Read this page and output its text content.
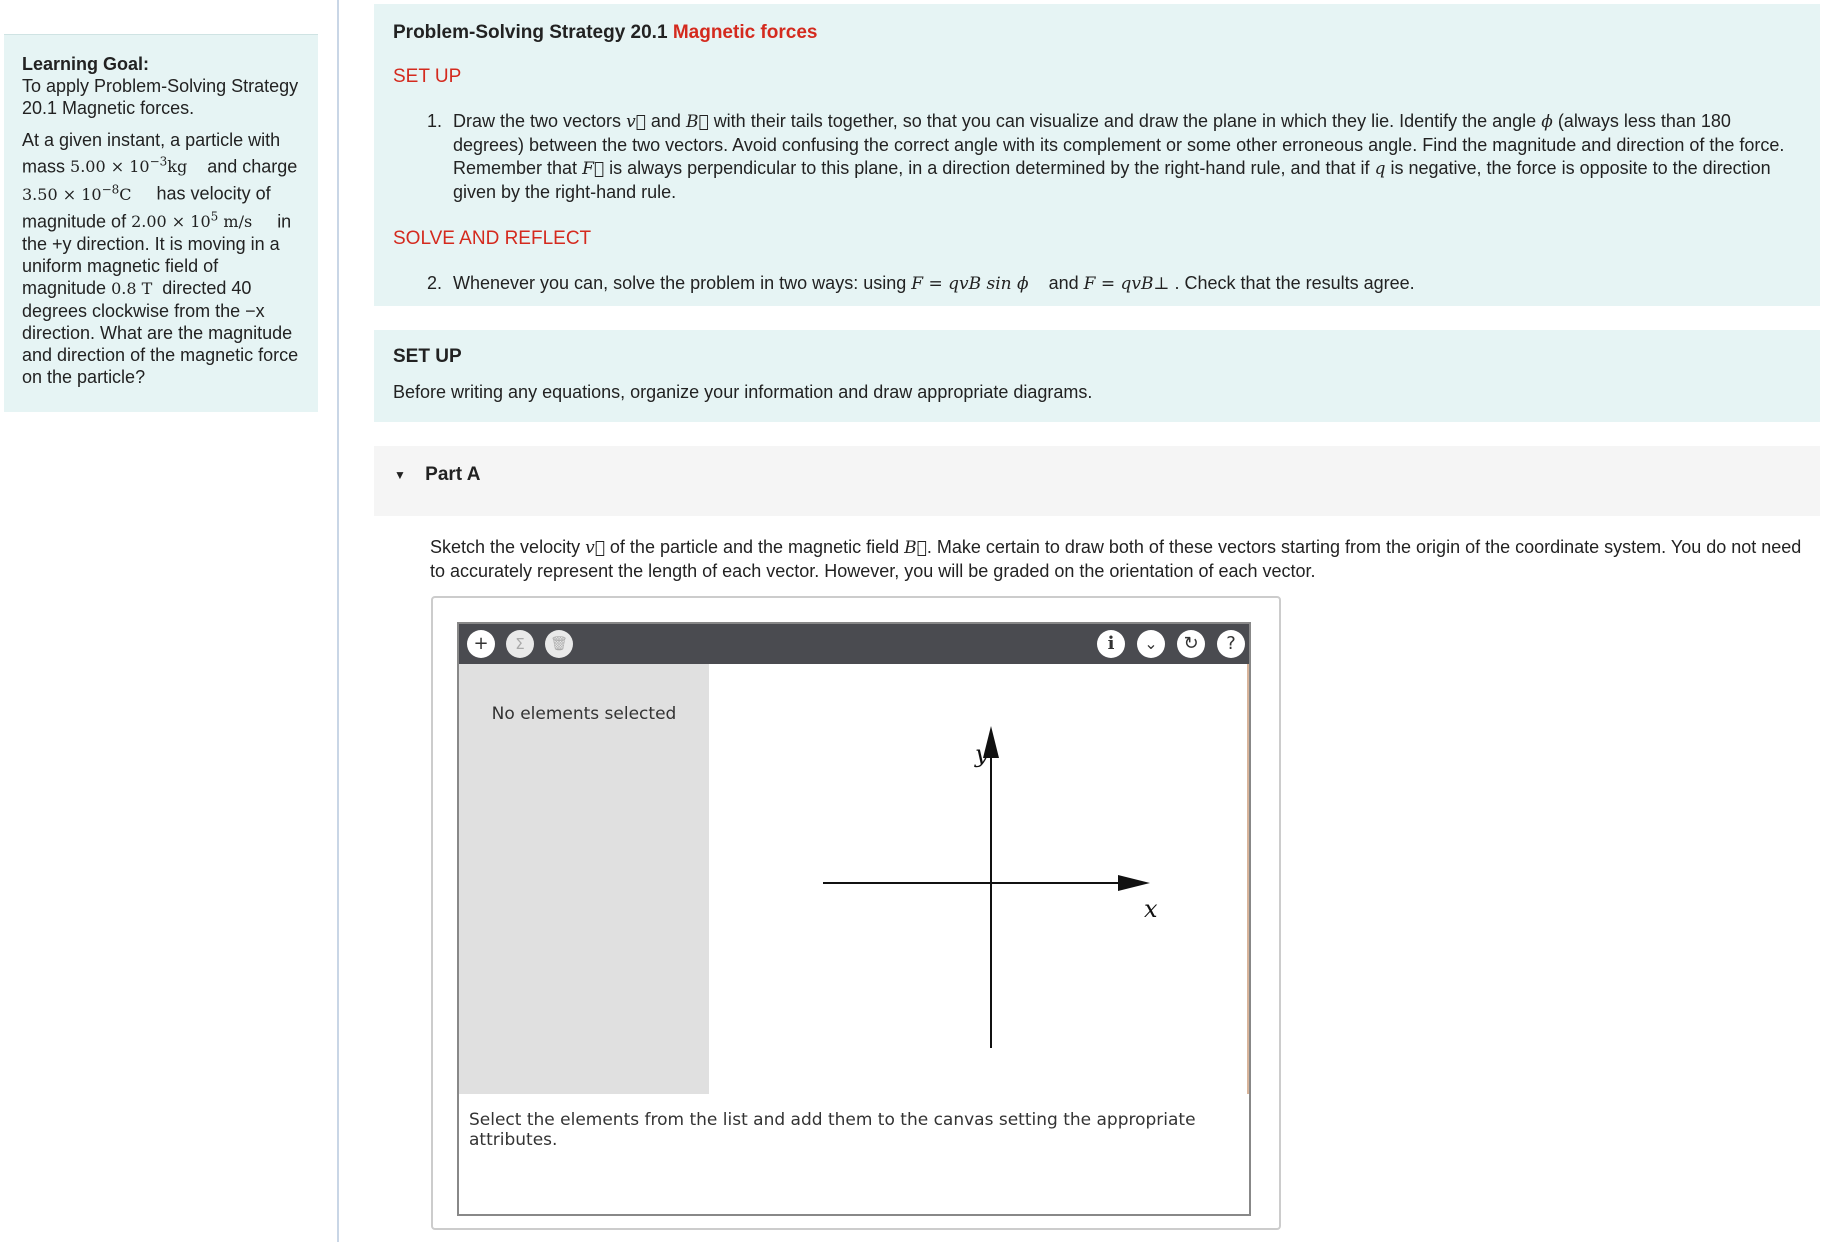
Learning Goal:
To apply Problem-Solving Strategy 20.1 Magnetic forces.

At a given instant, a particle with
mass $5.00 \times 10^{-3}kg$ and charge
$3.50 \times 10^{-8}C$ has velocity of
magnitude of $2.00 \times 10^5$ m/s in the +y direction. It is moving in a uniform magnetic field of magnitude 0.8 T directed 40 degrees clockwise from the −x direction. What are the magnitude and direction of the magnetic force on the particle?

Problem-Solving Strategy 20.1 Magnetic forces
SET UP
1. Draw the two vectors v⃗ and B⃗ with their tails together, so that you can visualize and draw the plane in which they lie. Identify the angle ϕ (always less than 180 degrees) between the two vectors. Avoid confusing the correct angle with its complement or some other erroneous angle. Find the magnitude and direction of the force. Remember that F⃗ is always perpendicular to this plane, in a direction determined by the right-hand rule, and that if q is negative, the force is opposite to the direction given by the right-hand rule.
SOLVE AND REFLECT
2. Whenever you can, solve the problem in two ways: using F = qvB sin ϕ and F = qvB⊥ . Check that the results agree.
SET UP
Before writing any equations, organize your information and draw appropriate diagrams.
▼ Part A
Sketch the velocity v⃗ of the particle and the magnetic field B⃗. Make certain to draw both of these vectors starting from the origin of the coordinate system. You do not need to accurately represent the length of each vector. However, you will be graded on the orientation of each vector.
+	Σ	🗑	i	⌄	↻	?
No elements selected
y
x
Select the elements from the list and add them to the canvas setting the appropriate attributes.
